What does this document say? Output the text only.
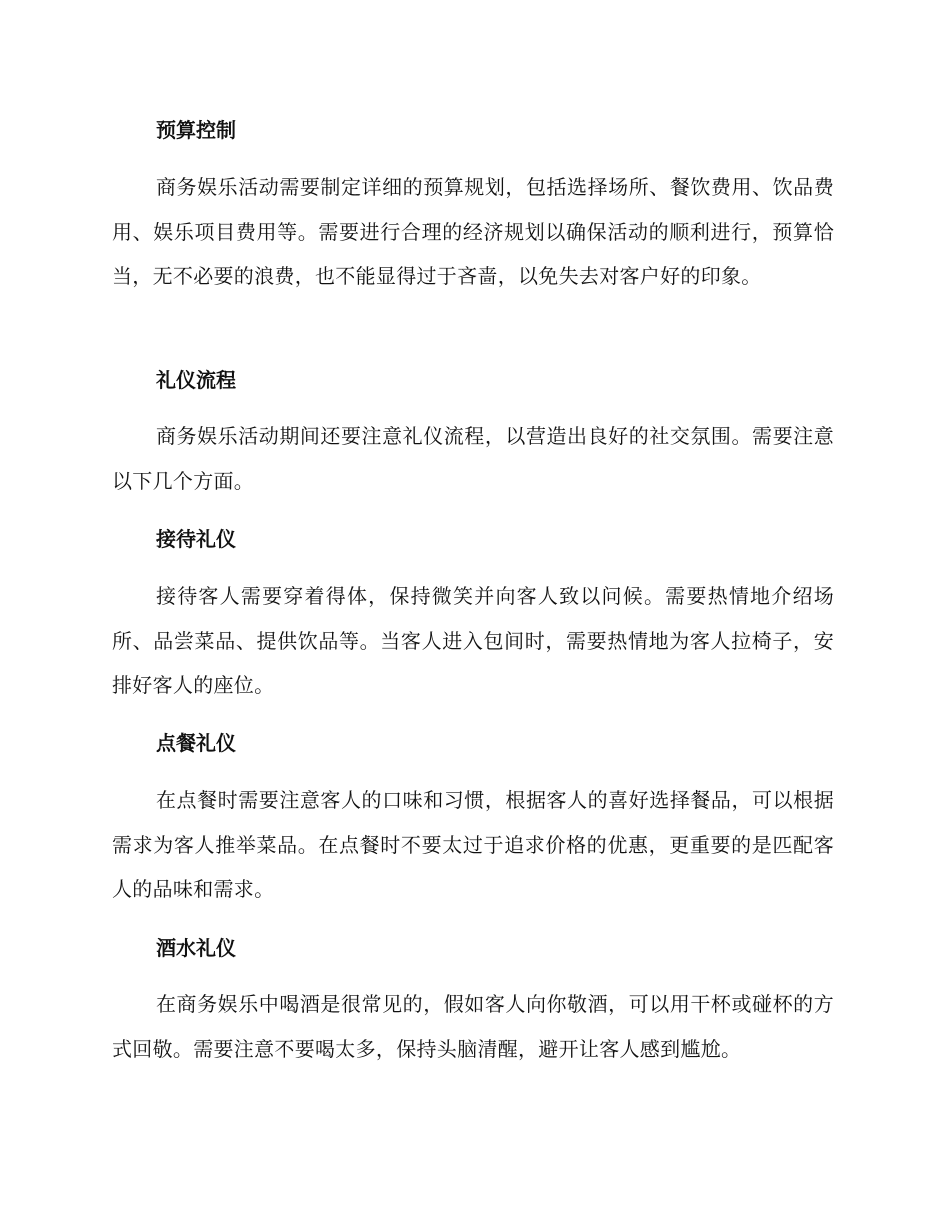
预算控制

商务娱乐活动需要制定详细的预算规划，包括选择场所、餐饮费用、饮品费用、娱乐项目费用等。需要进行合理的经济规划以确保活动的顺利进行，预算恰当，无不必要的浪费，也不能显得过于吝啬，以免失去对客户好的印象。

礼仪流程

商务娱乐活动期间还要注意礼仪流程，以营造出良好的社交氛围。需要注意以下几个方面。

接待礼仪

接待客人需要穿着得体，保持微笑并向客人致以问候。需要热情地介绍场所、品尝菜品、提供饮品等。当客人进入包间时，需要热情地为客人拉椅子，安排好客人的座位。

点餐礼仪

在点餐时需要注意客人的口味和习惯，根据客人的喜好选择餐品，可以根据需求为客人推举菜品。在点餐时不要太过于追求价格的优惠，更重要的是匹配客人的品味和需求。

酒水礼仪

在商务娱乐中喝酒是很常见的，假如客人向你敬酒，可以用干杯或碰杯的方式回敬。需要注意不要喝太多，保持头脑清醒，避开让客人感到尴尬。
